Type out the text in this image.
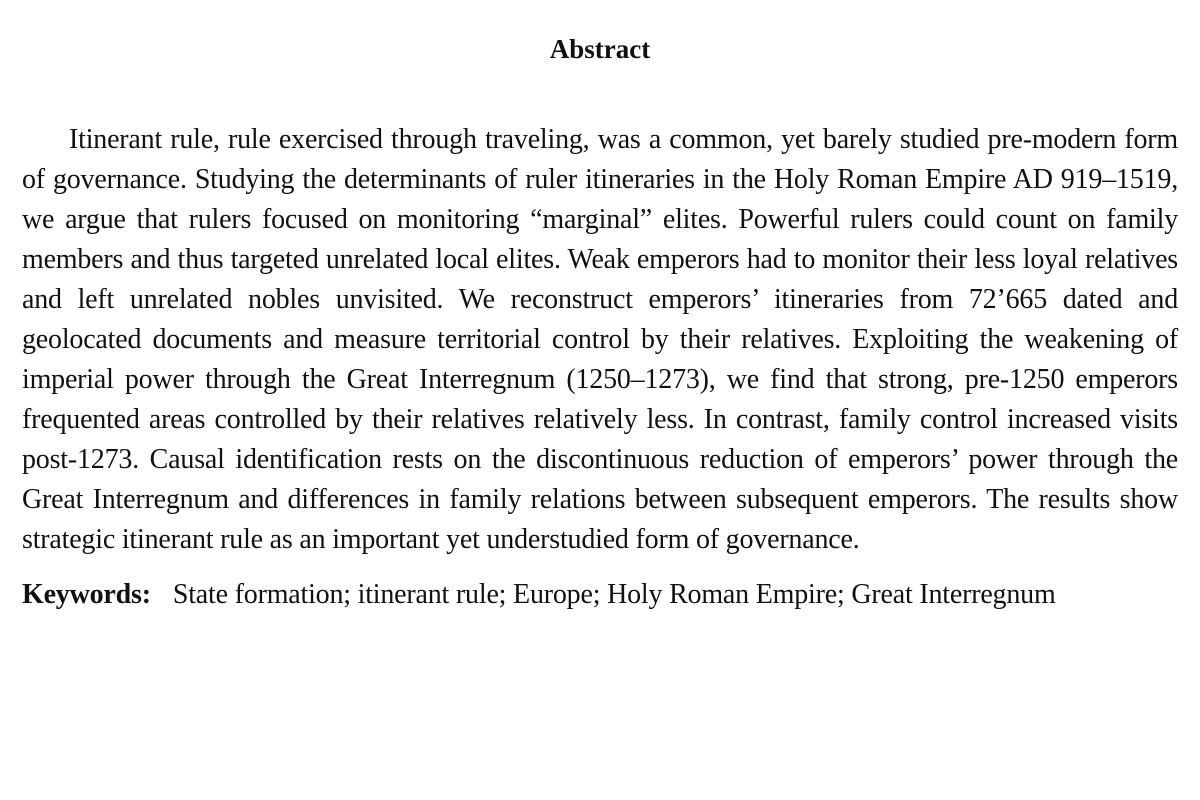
Abstract

Itinerant rule, rule exercised through traveling, was a common, yet barely studied pre-modern form of governance. Studying the determinants of ruler itineraries in the Holy Roman Empire AD 919–1519, we argue that rulers focused on monitoring “marginal” elites. Powerful rulers could count on family members and thus targeted unrelated local elites. Weak emperors had to monitor their less loyal relatives and left unrelated nobles unvisited. We reconstruct emperors’ itineraries from 72’665 dated and geolocated documents and measure territorial control by their relatives. Exploiting the weakening of imperial power through the Great Interregnum (1250–1273), we find that strong, pre-1250 emperors frequented areas controlled by their relatives relatively less. In contrast, family control increased visits post-1273. Causal identification rests on the discontinuous reduction of emperors’ power through the Great Interregnum and differences in family relations between subsequent emperors. The results show strategic itinerant rule as an important yet understudied form of governance.

Keywords: State formation; itinerant rule; Europe; Holy Roman Empire; Great Interregnum
